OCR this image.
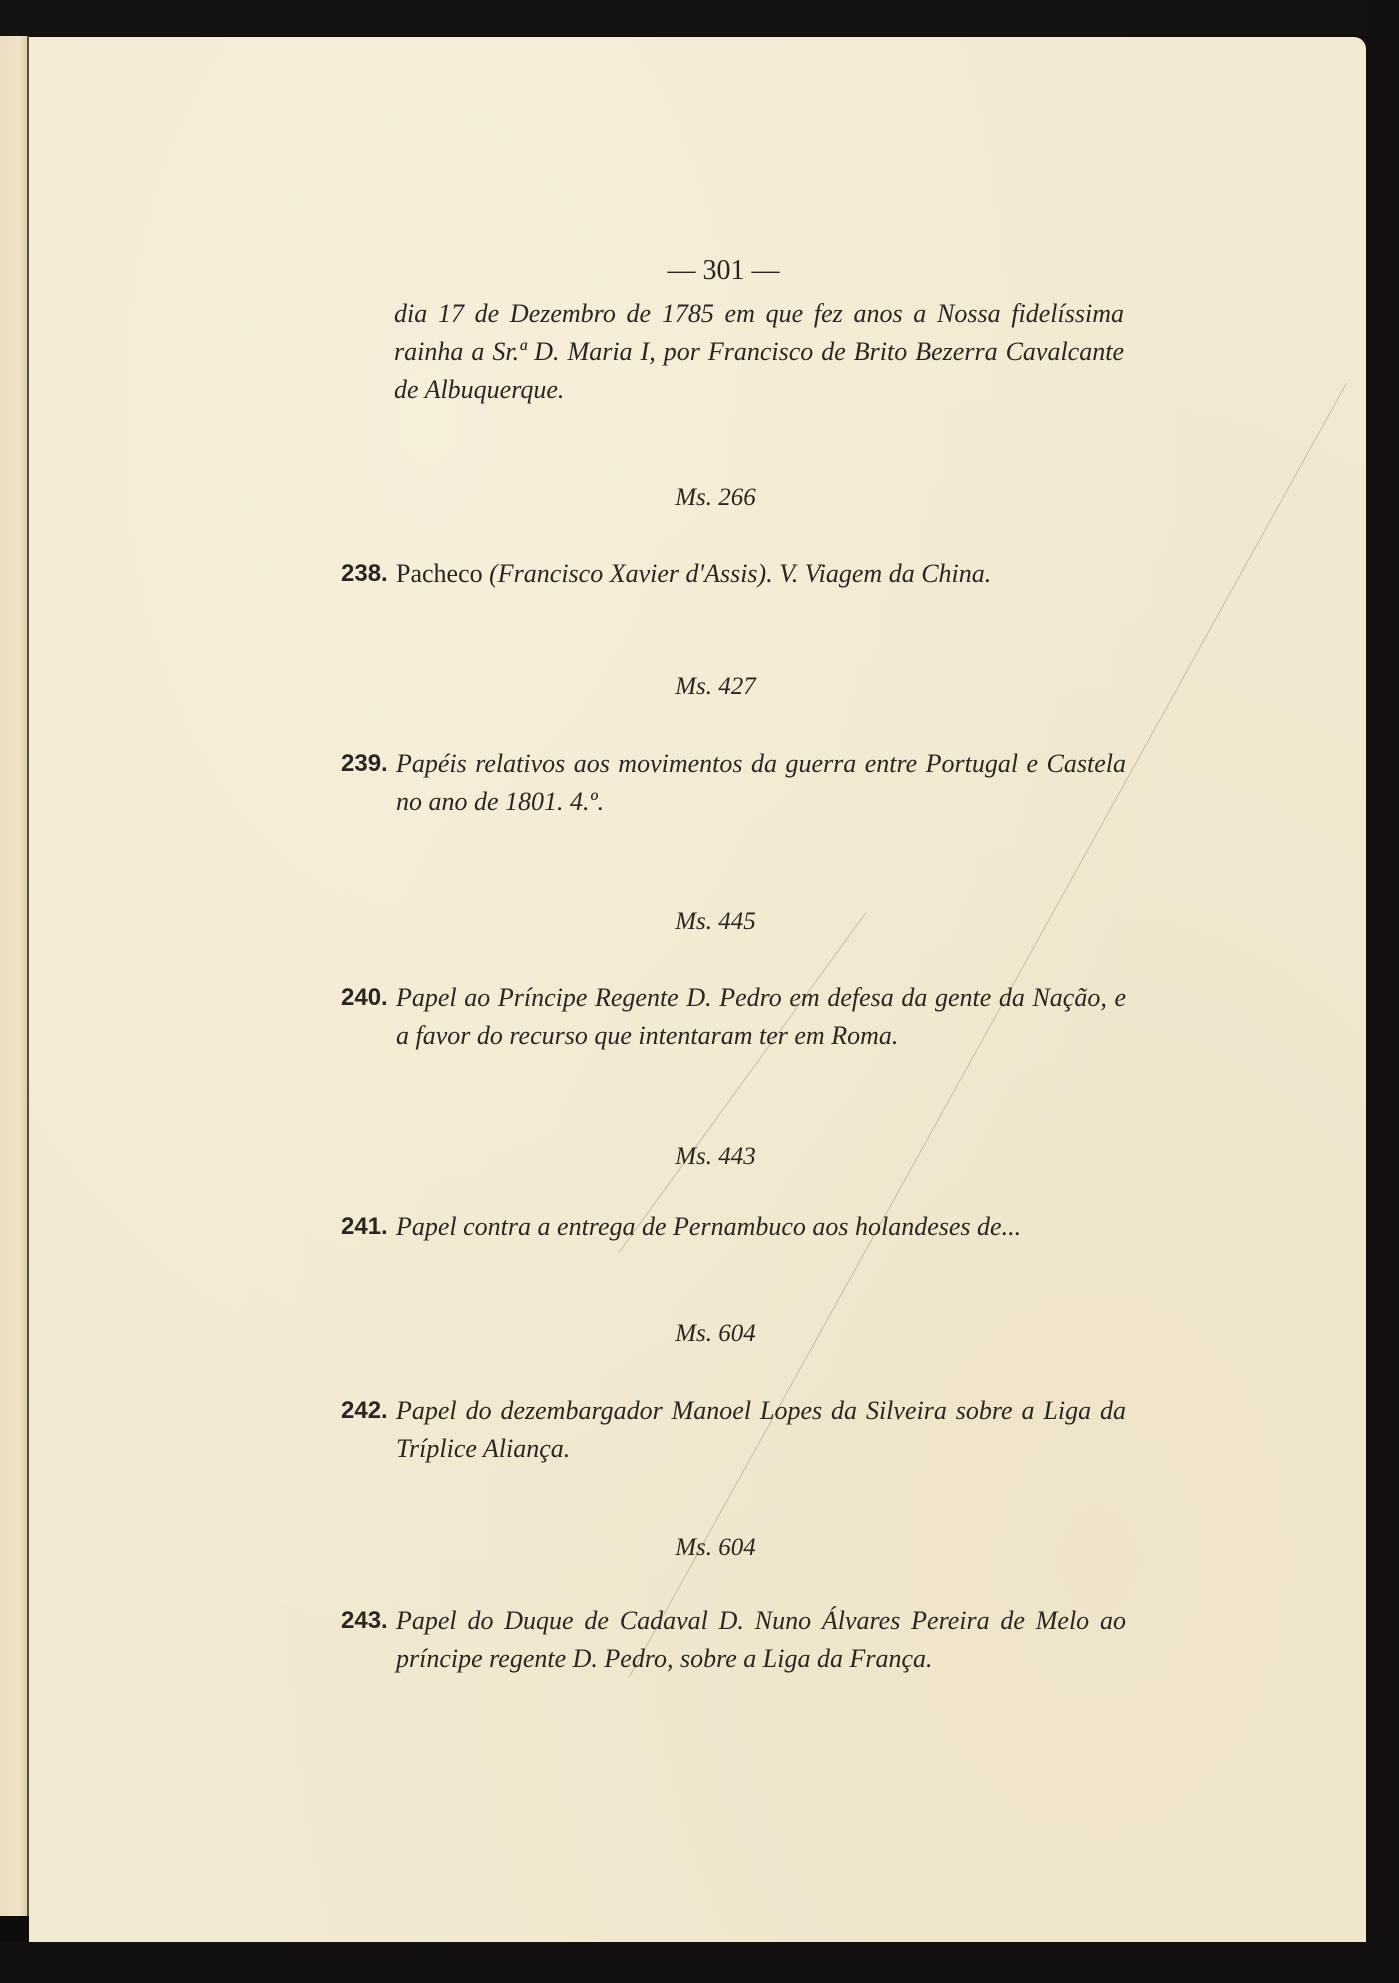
— 301 —
dia 17 de Dezembro de 1785 em que fez anos a Nossa fidelíssima rainha a Sr.ª D. Maria I, por Francisco de Brito Bezerra Cavalcante de Albuquerque.
Ms. 266
238. Pacheco (Francisco Xavier d'Assis). V. Viagem da China.
Ms. 427
239. Papéis relativos aos movimentos da guerra entre Portugal e Castela no ano de 1801. 4.º.
Ms. 445
240. Papel ao Príncipe Regente D. Pedro em defesa da gente da Nação, e a favor do recurso que intentaram ter em Roma.
Ms. 443
241. Papel contra a entrega de Pernambuco aos holandeses de...
Ms. 604
242. Papel do dezembargador Manoel Lopes da Silveira sobre a Liga da Tríplice Aliança.
Ms. 604
243. Papel do Duque de Cadaval D. Nuno Álvares Pereira de Melo ao príncipe regente D. Pedro, sobre a Liga da França.
